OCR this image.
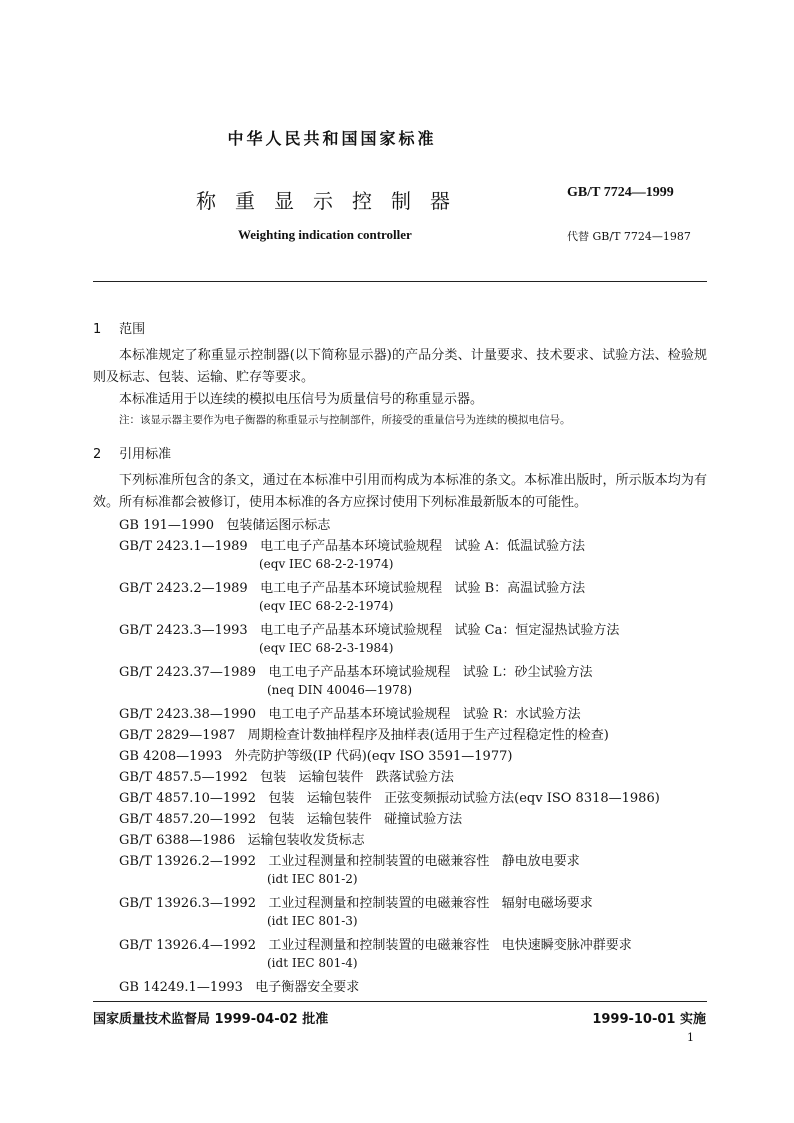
中华人民共和国国家标准
称重显示控制器	GB/T 7724—1999
Weighting indication controller	代替 GB/T 7724—1987
1 范围
本标准规定了称重显示控制器(以下简称显示器)的产品分类、计量要求、技术要求、试验方法、检验规则及标志、包装、运输、贮存等要求。
本标准适用于以连续的模拟电压信号为质量信号的称重显示器。
注：该显示器主要作为电子衡器的称重显示与控制部件，所接受的重量信号为连续的模拟电信号。
2 引用标准
下列标准所包含的条文，通过在本标准中引用而构成为本标准的条文。本标准出版时，所示版本均为有效。所有标准都会被修订，使用本标准的各方应探讨使用下列标准最新版本的可能性。
GB 191—1990   包装储运图示标志
GB/T 2423.1—1989   电工电子产品基本环境试验规程   试验 A：低温试验方法
(eqv IEC 68-2-2-1974)
GB/T 2423.2—1989   电工电子产品基本环境试验规程   试验 B：高温试验方法
(eqv IEC 68-2-2-1974)
GB/T 2423.3—1993   电工电子产品基本环境试验规程   试验 Ca：恒定湿热试验方法
(eqv IEC 68-2-3-1984)
GB/T 2423.37—1989   电工电子产品基本环境试验规程   试验 L：砂尘试验方法
(neq DIN 40046—1978)
GB/T 2423.38—1990   电工电子产品基本环境试验规程   试验 R：水试验方法
GB/T 2829—1987   周期检查计数抽样程序及抽样表(适用于生产过程稳定性的检查)
GB 4208—1993   外壳防护等级(IP 代码)(eqv ISO 3591—1977)
GB/T 4857.5—1992   包装   运输包装件   跌落试验方法
GB/T 4857.10—1992   包装   运输包装件   正弦变频振动试验方法(eqv ISO 8318—1986)
GB/T 4857.20—1992   包装   运输包装件   碰撞试验方法
GB/T 6388—1986   运输包装收发货标志
GB/T 13926.2—1992   工业过程测量和控制装置的电磁兼容性   静电放电要求
(idt IEC 801-2)
GB/T 13926.3—1992   工业过程测量和控制装置的电磁兼容性   辐射电磁场要求
(idt IEC 801-3)
GB/T 13926.4—1992   工业过程测量和控制装置的电磁兼容性   电快速瞬变脉冲群要求
(idt IEC 801-4)
GB 14249.1—1993   电子衡器安全要求
国家质量技术监督局 1999-04-02 批准	1999-10-01 实施
1
